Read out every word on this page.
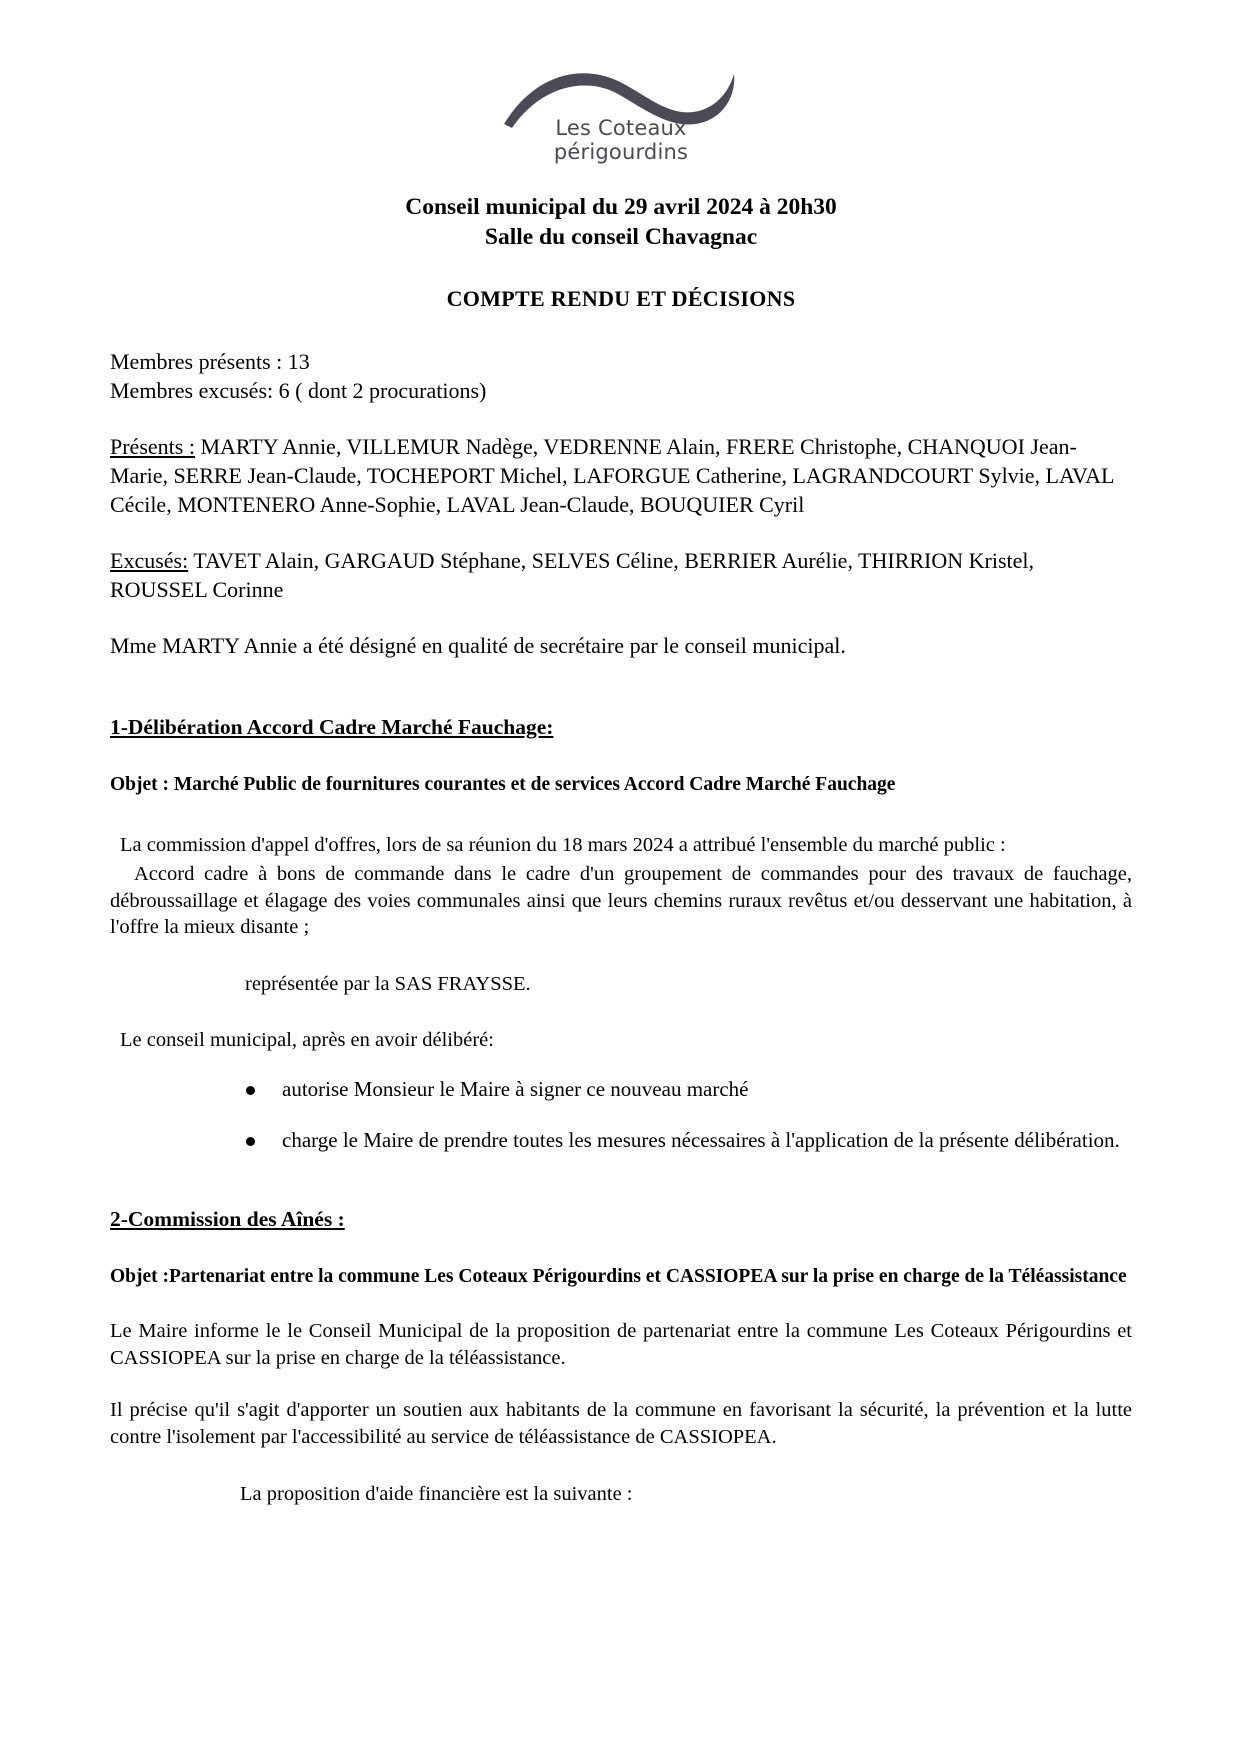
Les Coteaux périgourdins
Conseil municipal du 29 avril 2024 à 20h30
Salle du conseil Chavagnac
COMPTE RENDU ET DÉCISIONS

Membres présents : 13

Membres excusés: 6 ( dont 2 procurations)

Présents : MARTY Annie, VILLEMUR Nadège, VEDRENNE Alain, FRERE Christophe, CHANQUOI Jean-Marie, SERRE Jean-Claude, TOCHEPORT Michel, LAFORGUE Catherine, LAGRANDCOURT Sylvie, LAVAL Cécile, MONTENERO Anne-Sophie, LAVAL Jean-Claude, BOUQUIER Cyril

Excusés: TAVET Alain, GARGAUD Stéphane, SELVES Céline, BERRIER Aurélie, THIRRION Kristel, ROUSSEL Corinne

Mme MARTY Annie a été désigné en qualité de secrétaire par le conseil municipal.

1-Délibération Accord Cadre Marché Fauchage:

Objet : Marché Public de fournitures courantes et de services Accord Cadre Marché Fauchage

La commission d'appel d'offres, lors de sa réunion du 18 mars 2024 a attribué l'ensemble du marché public :

Accord cadre à bons de commande dans le cadre d'un groupement de commandes pour des travaux de fauchage, débroussaillage et élagage des voies communales ainsi que leurs chemins ruraux revêtus et/ou desservant une habitation, à l'offre la mieux disante ;

représentée par la SAS FRAYSSE.

Le conseil municipal, après en avoir délibéré:

autorise Monsieur le Maire à signer ce nouveau marché
charge le Maire de prendre toutes les mesures nécessaires à l'application de la présente délibération.

2-Commission des Aînés :

Objet :Partenariat entre la commune Les Coteaux Périgourdins et CASSIOPEA sur la prise en charge de la Téléassistance

Le Maire informe le le Conseil Municipal de la proposition de partenariat entre la commune Les Coteaux Périgourdins et CASSIOPEA sur la prise en charge de la téléassistance.

Il précise qu'il s'agit d'apporter un soutien aux habitants de la commune en favorisant la sécurité, la prévention et la lutte contre l'isolement par l'accessibilité au service de téléassistance de CASSIOPEA.

La proposition d'aide financière est la suivante :
